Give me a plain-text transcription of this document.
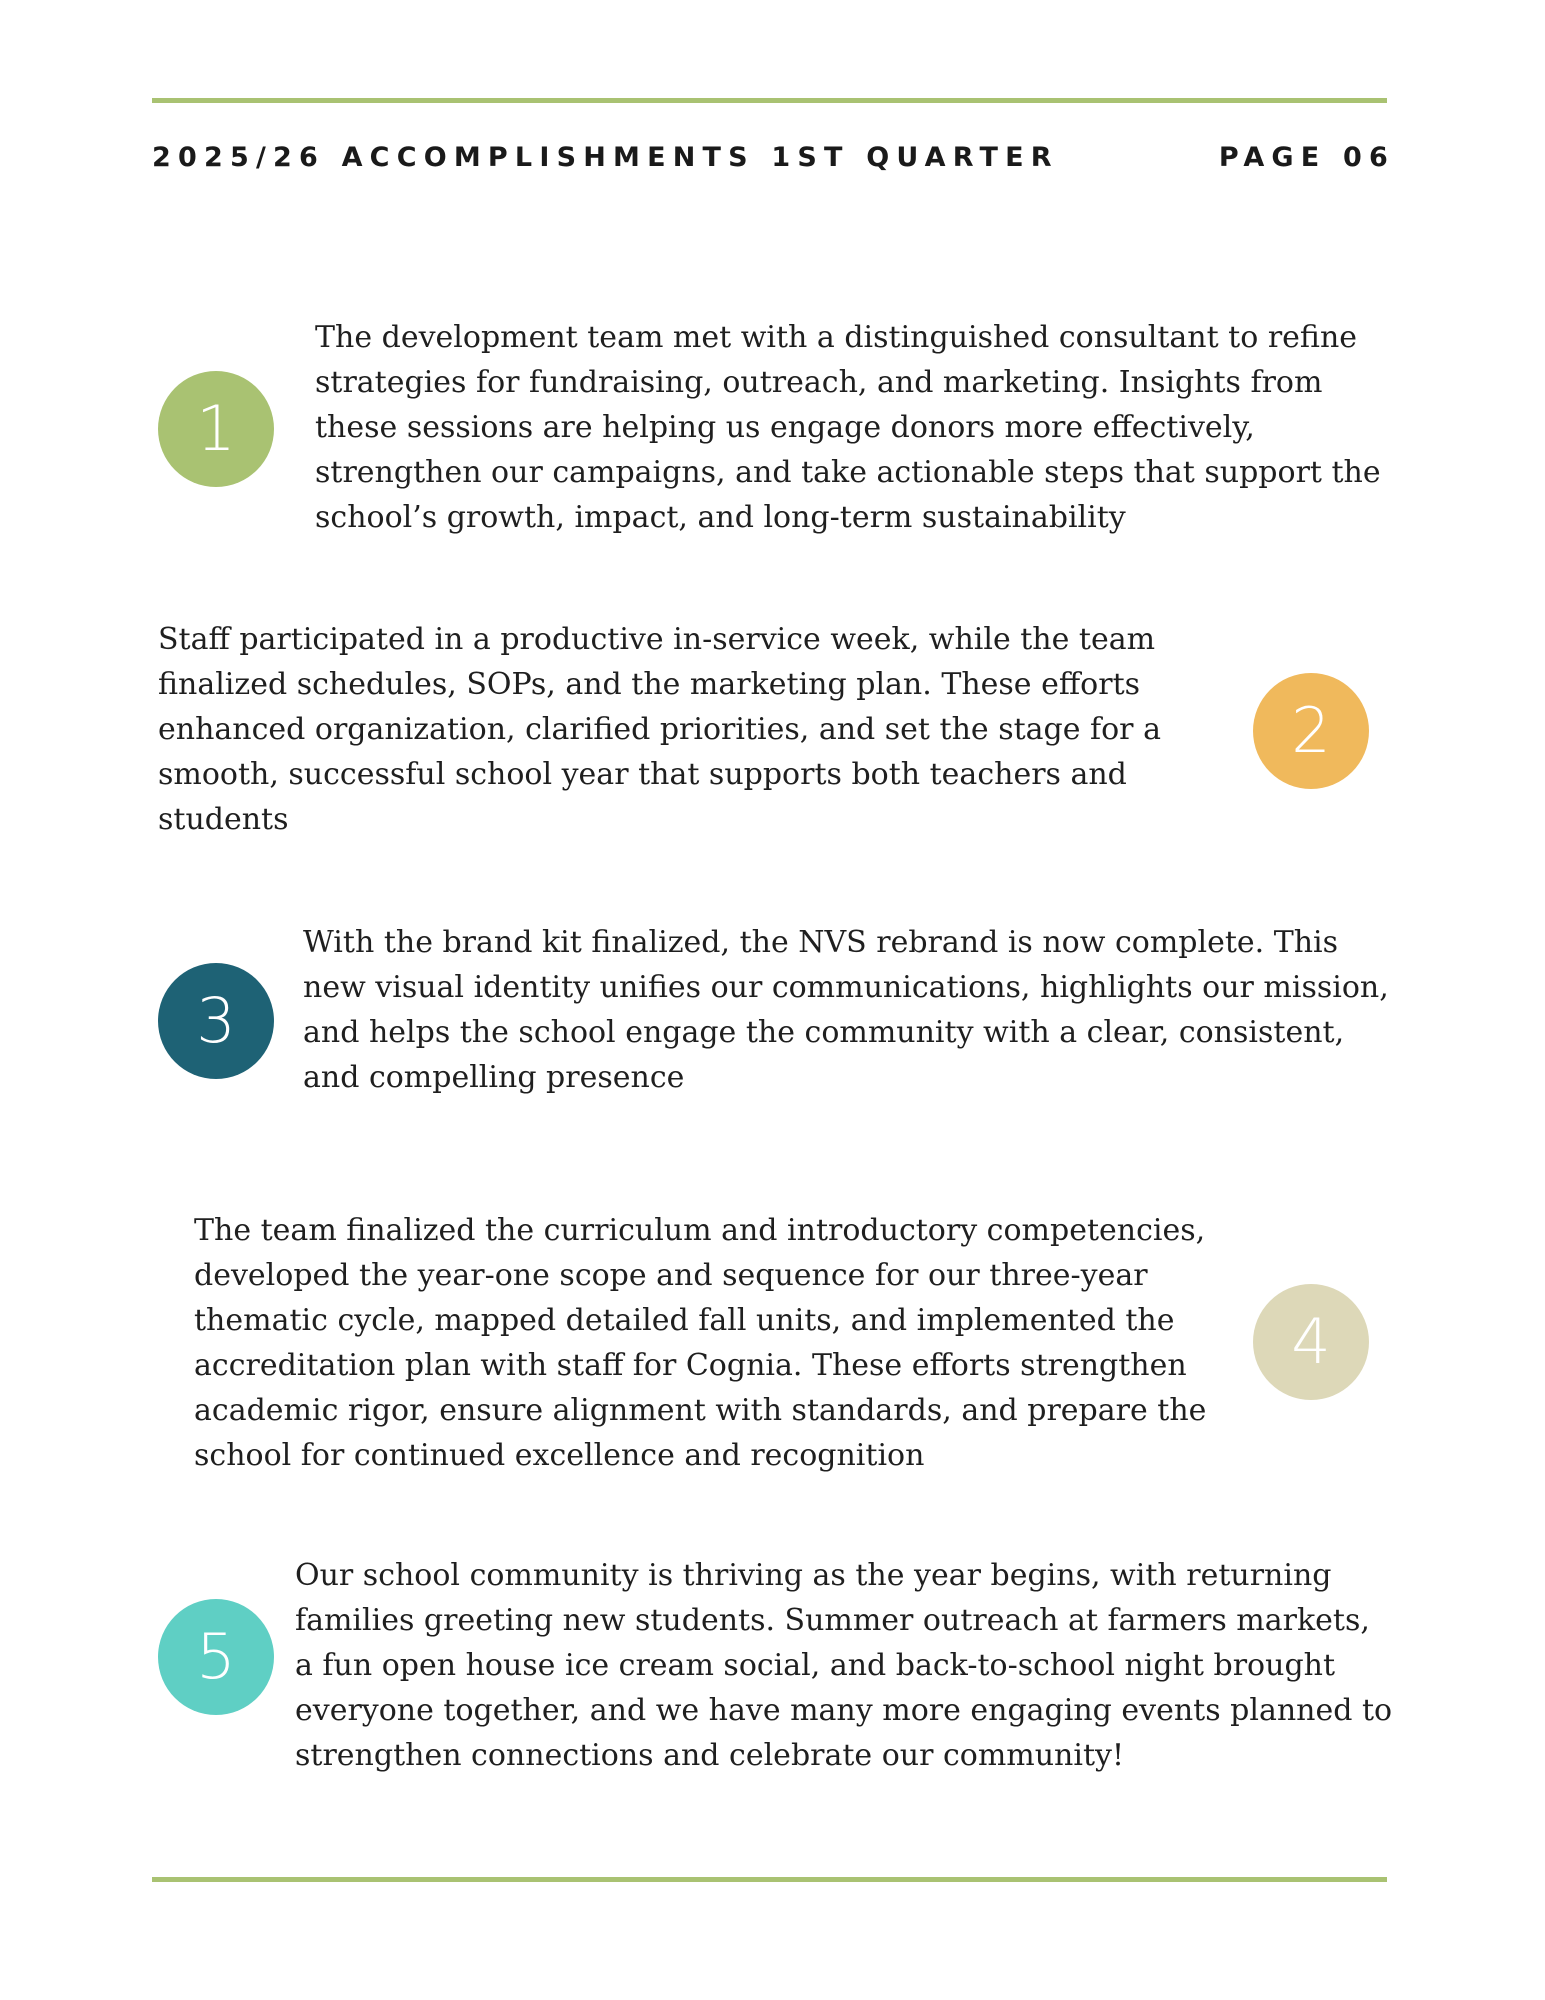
2025/26 ACCOMPLISHMENTS 1ST QUARTER	PAGE 06
1

The development team met with a distinguished consultant to refine strategies for fundraising, outreach, and marketing. Insights from these sessions are helping us engage donors more effectively, strengthen our campaigns, and take actionable steps that support the school’s growth, impact, and long-term sustainability

Staff participated in a productive in-service week, while the team finalized schedules, SOPs, and the marketing plan. These efforts enhanced organization, clarified priorities, and set the stage for a smooth, successful school year that supports both teachers and students

2
3

With the brand kit finalized, the NVS rebrand is now complete. This new visual identity unifies our communications, highlights our mission, and helps the school engage the community with a clear, consistent, and compelling presence

The team finalized the curriculum and introductory competencies, developed the year-one scope and sequence for our three-year thematic cycle, mapped detailed fall units, and implemented the accreditation plan with staff for Cognia. These efforts strengthen academic rigor, ensure alignment with standards, and prepare the school for continued excellence and recognition

4
5

Our school community is thriving as the year begins, with returning families greeting new students. Summer outreach at farmers markets, a fun open house ice cream social, and back-to-school night brought everyone together, and we have many more engaging events planned to strengthen connections and celebrate our community!
